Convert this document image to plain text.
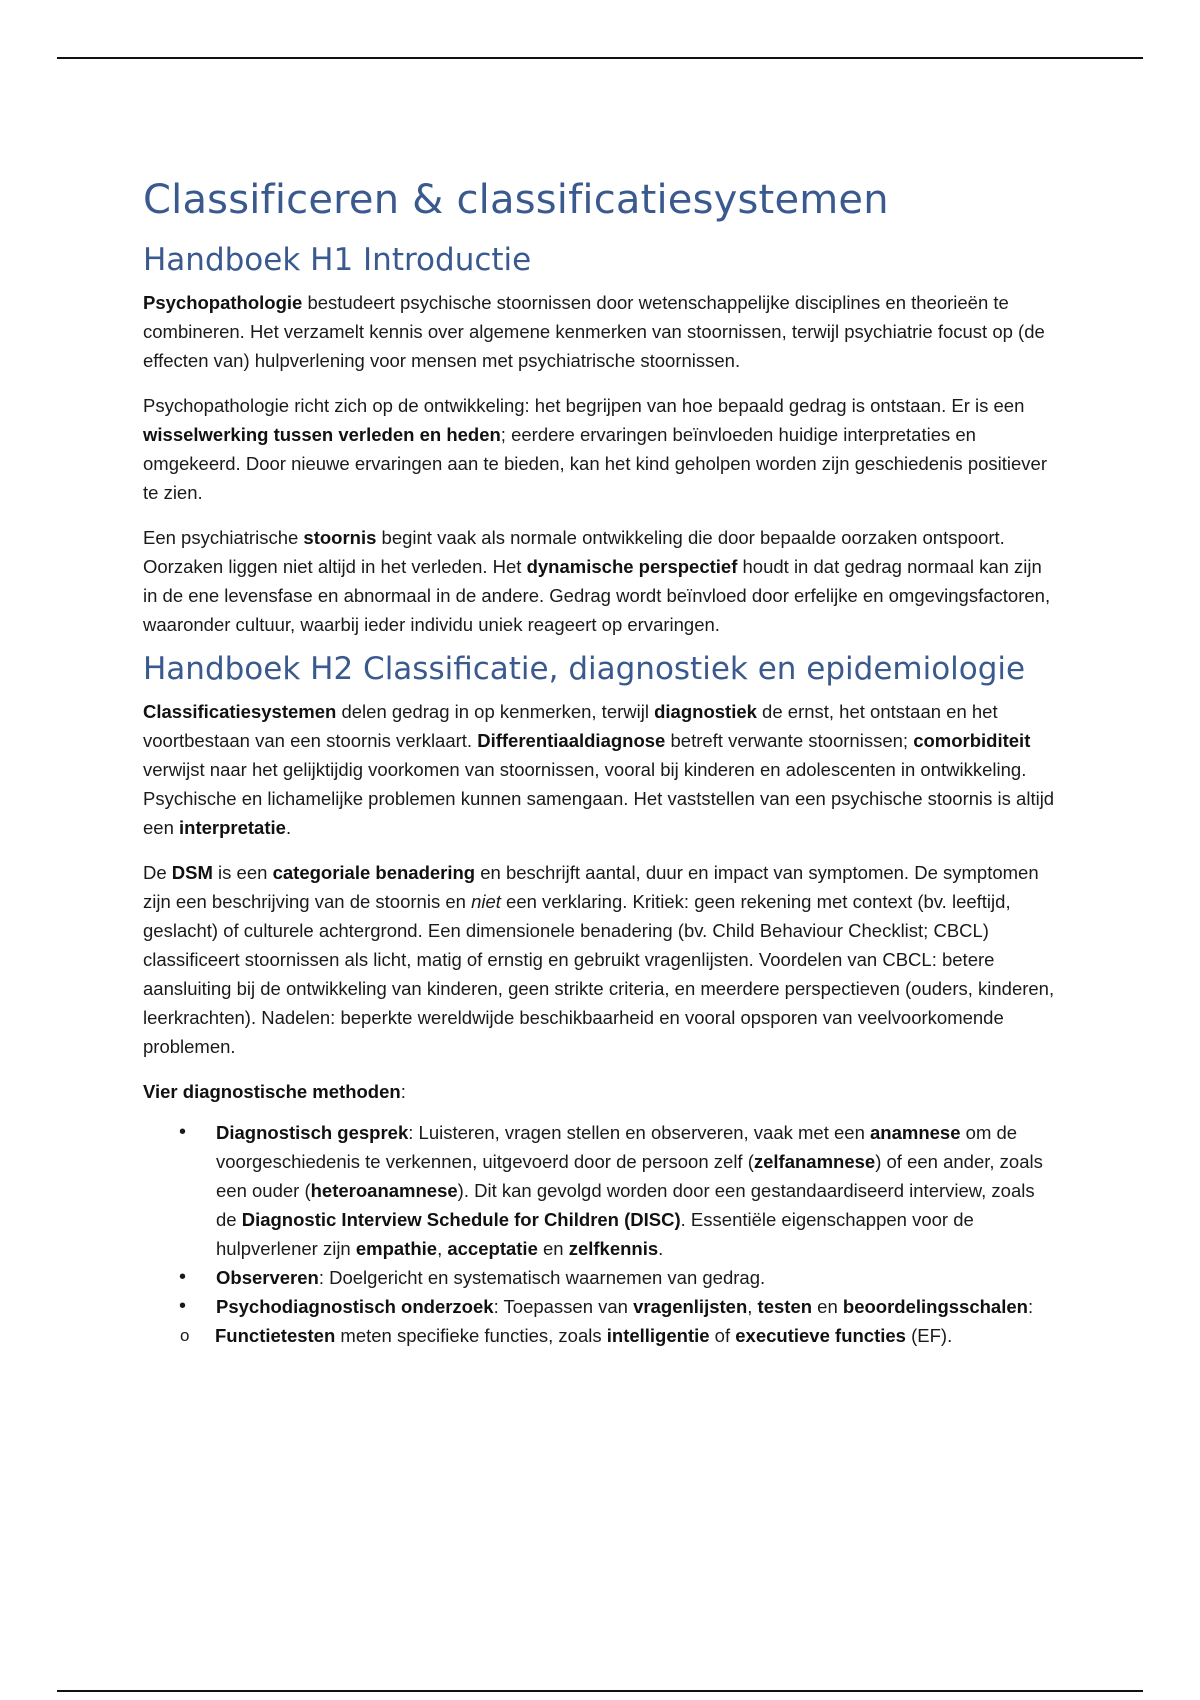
Classificeren & classificatiesystemen
Handboek H1 Introductie

Psychopathologie bestudeert psychische stoornissen door wetenschappelijke disciplines en theorieën te combineren. Het verzamelt kennis over algemene kenmerken van stoornissen, terwijl psychiatrie focust op (de effecten van) hulpverlening voor mensen met psychiatrische stoornissen.

Psychopathologie richt zich op de ontwikkeling: het begrijpen van hoe bepaald gedrag is ontstaan. Er is een wisselwerking tussen verleden en heden; eerdere ervaringen beïnvloeden huidige interpretaties en omgekeerd. Door nieuwe ervaringen aan te bieden, kan het kind geholpen worden zijn geschiedenis positiever te zien.

Een psychiatrische stoornis begint vaak als normale ontwikkeling die door bepaalde oorzaken ontspoort. Oorzaken liggen niet altijd in het verleden. Het dynamische perspectief houdt in dat gedrag normaal kan zijn in de ene levensfase en abnormaal in de andere. Gedrag wordt beïnvloed door erfelijke en omgevingsfactoren, waaronder cultuur, waarbij ieder individu uniek reageert op ervaringen.

Handboek H2 Classificatie, diagnostiek en epidemiologie

Classificatiesystemen delen gedrag in op kenmerken, terwijl diagnostiek de ernst, het ontstaan en het voortbestaan van een stoornis verklaart. Differentiaaldiagnose betreft verwante stoornissen; comorbiditeit verwijst naar het gelijktijdig voorkomen van stoornissen, vooral bij kinderen en adolescenten in ontwikkeling. Psychische en lichamelijke problemen kunnen samengaan. Het vaststellen van een psychische stoornis is altijd een interpretatie.

De DSM is een categoriale benadering en beschrijft aantal, duur en impact van symptomen. De symptomen zijn een beschrijving van de stoornis en niet een verklaring. Kritiek: geen rekening met context (bv. leeftijd, geslacht) of culturele achtergrond. Een dimensionele benadering (bv. Child Behaviour Checklist; CBCL) classificeert stoornissen als licht, matig of ernstig en gebruikt vragenlijsten. Voordelen van CBCL: betere aansluiting bij de ontwikkeling van kinderen, geen strikte criteria, en meerdere perspectieven (ouders, kinderen, leerkrachten). Nadelen: beperkte wereldwijde beschikbaarheid en vooral opsporen van veelvoorkomende problemen.

Vier diagnostische methoden:

• Diagnostisch gesprek: Luisteren, vragen stellen en observeren, vaak met een anamnese om de voorgeschiedenis te verkennen, uitgevoerd door de persoon zelf (zelfanamnese) of een ander, zoals een ouder (heteroanamnese). Dit kan gevolgd worden door een gestandaardiseerd interview, zoals de Diagnostic Interview Schedule for Children (DISC). Essentiële eigenschappen voor de hulpverlener zijn empathie, acceptatie en zelfkennis.
• Observeren: Doelgericht en systematisch waarnemen van gedrag.
• Psychodiagnostisch onderzoek: Toepassen van vragenlijsten, testen en beoordelingsschalen:
o Functietesten meten specifieke functies, zoals intelligentie of executieve functies (EF).
